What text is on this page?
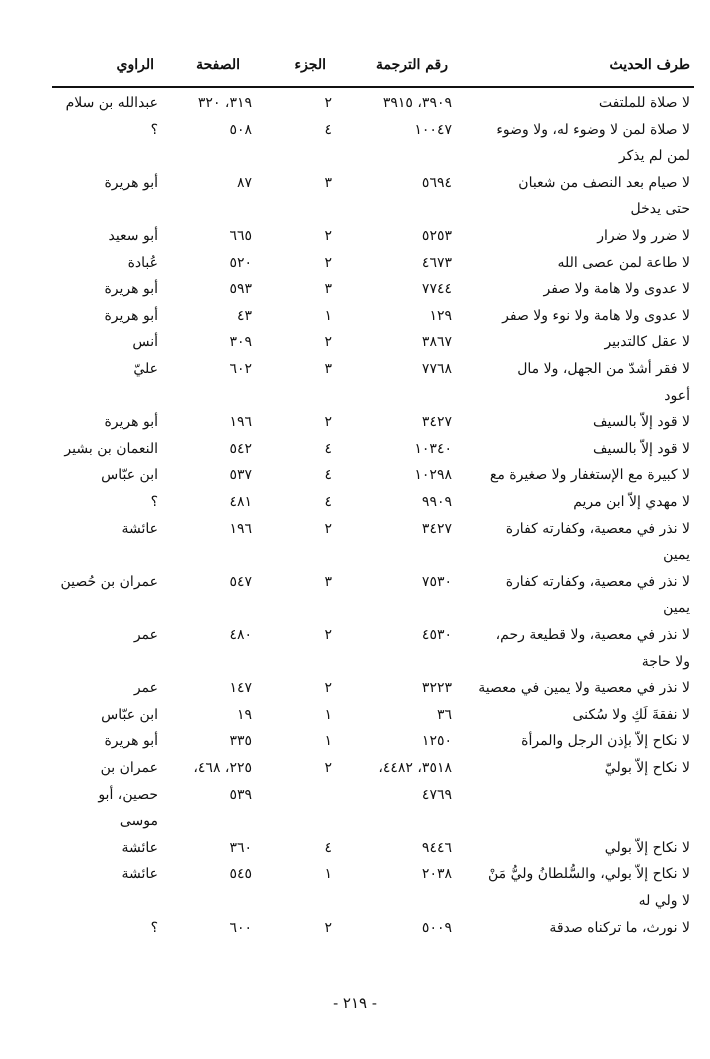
طرف الحديث
رقم الترجمة
الجزء
الصفحة
الراوي
لا صلاة للملتفت
٣٩٠٩، ٣٩١٥
٢
٣١٩، ٣٢٠
عبدالله بن سلام
لا صلاة لمن لا وضوء له، ولا وضوء
١٠٠٤٧
٤
٥٠٨
؟
لمن لم يذكر
لا صيام بعد النصف من شعبان
٥٦٩٤
٣
٨٧
أبو هريرة
حتى يدخل
لا ضرر ولا ضرار
٥٢٥٣
٢
٦٦٥
أبو سعيد
لا طاعة لمن عصى الله
٤٦٧٣
٢
٥٢٠
عُبادة
لا عدوى ولا هامة ولا صفر
٧٧٤٤
٣
٥٩٣
أبو هريرة
لا عدوى ولا هامة ولا نوء ولا صفر
١٢٩
١
٤٣
أبو هريرة
لا عقل كالتدبير
٣٨٦٧
٢
٣٠٩
أنس
لا فقر أشدّ من الجهل، ولا مال
٧٧٦٨
٣
٦٠٢
عليّ
أعود
لا قود إلاّ بالسيف
٣٤٢٧
٢
١٩٦
أبو هريرة
لا قود إلاّ بالسيف
١٠٣٤٠
٤
٥٤٢
النعمان بن بشير
لا كبيرة مع الإستغفار ولا صغيرة مع
١٠٢٩٨
٤
٥٣٧
ابن عبّاس
لا مهدي إلاّ ابن مريم
٩٩٠٩
٤
٤٨١
؟
لا نذر في معصية، وكفارته كفارة
٣٤٢٧
٢
١٩٦
عائشة
يمين
لا نذر في معصية، وكفارته كفارة
٧٥٣٠
٣
٥٤٧
عمران بن حُصين
يمين
لا نذر في معصية، ولا قطيعة رحم،
٤٥٣٠
٢
٤٨٠
عمر
ولا حاجة
لا نذر في معصية ولا يمين في معصية
٣٢٢٣
٢
١٤٧
عمر
لا نفقةَ لَكِ ولا سُكنى
٣٦
١
١٩
ابن عبّاس
لا نكاح إلاّ بإذن الرجل والمرأة
١٢٥٠
١
٣٣٥
أبو هريرة
لا نكاح إلاّ بوليّ
٣٥١٨، ٤٤٨٢،
٢
٢٢٥، ٤٦٨،
عمران بن
٤٧٦٩
٥٣٩
حصين، أبو
موسى
لا نكاح إلاّ بولي
٩٤٤٦
٤
٣٦٠
عائشة
لا نكاح إلاّ بولي، والسُّلطانُ وليُّ مَنْ
٢٠٣٨
١
٥٤٥
عائشة
لا ولي له
لا نورث، ما تركناه صدقة
٥٠٠٩
٢
٦٠٠
؟
- ٢١٩ -
